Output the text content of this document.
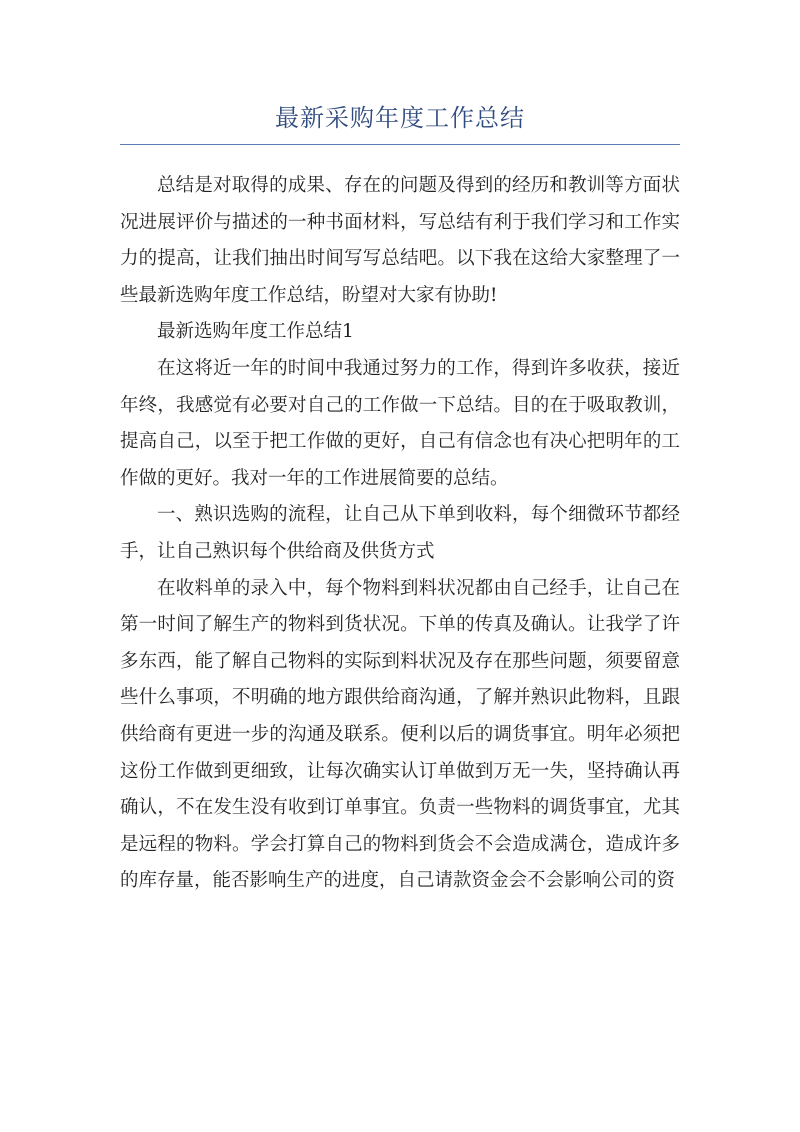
最新采购年度工作总结

总结是对取得的成果、存在的问题及得到的经历和教训等方面状况进展评价与描述的一种书面材料，写总结有利于我们学习和工作实力的提高，让我们抽出时间写写总结吧。以下我在这给大家整理了一些最新选购年度工作总结，盼望对大家有协助!

最新选购年度工作总结1

在这将近一年的时间中我通过努力的工作，得到许多收获，接近年终，我感觉有必要对自己的工作做一下总结。目的在于吸取教训，提高自己，以至于把工作做的更好，自己有信念也有决心把明年的工作做的更好。我对一年的工作进展简要的总结。

一、熟识选购的流程，让自己从下单到收料，每个细微环节都经手，让自己熟识每个供给商及供货方式

在收料单的录入中，每个物料到料状况都由自己经手，让自己在第一时间了解生产的物料到货状况。下单的传真及确认。让我学了许多东西，能了解自己物料的实际到料状况及存在那些问题，须要留意些什么事项，不明确的地方跟供给商沟通，了解并熟识此物料，且跟供给商有更进一步的沟通及联系。便利以后的调货事宜。明年必须把这份工作做到更细致，让每次确实认订单做到万无一失，坚持确认再确认，不在发生没有收到订单事宜。负责一些物料的调货事宜，尤其是远程的物料。学会打算自己的物料到货会不会造成满仓，造成许多的库存量，能否影响生产的进度，自己请款资金会不会影响公司的资
